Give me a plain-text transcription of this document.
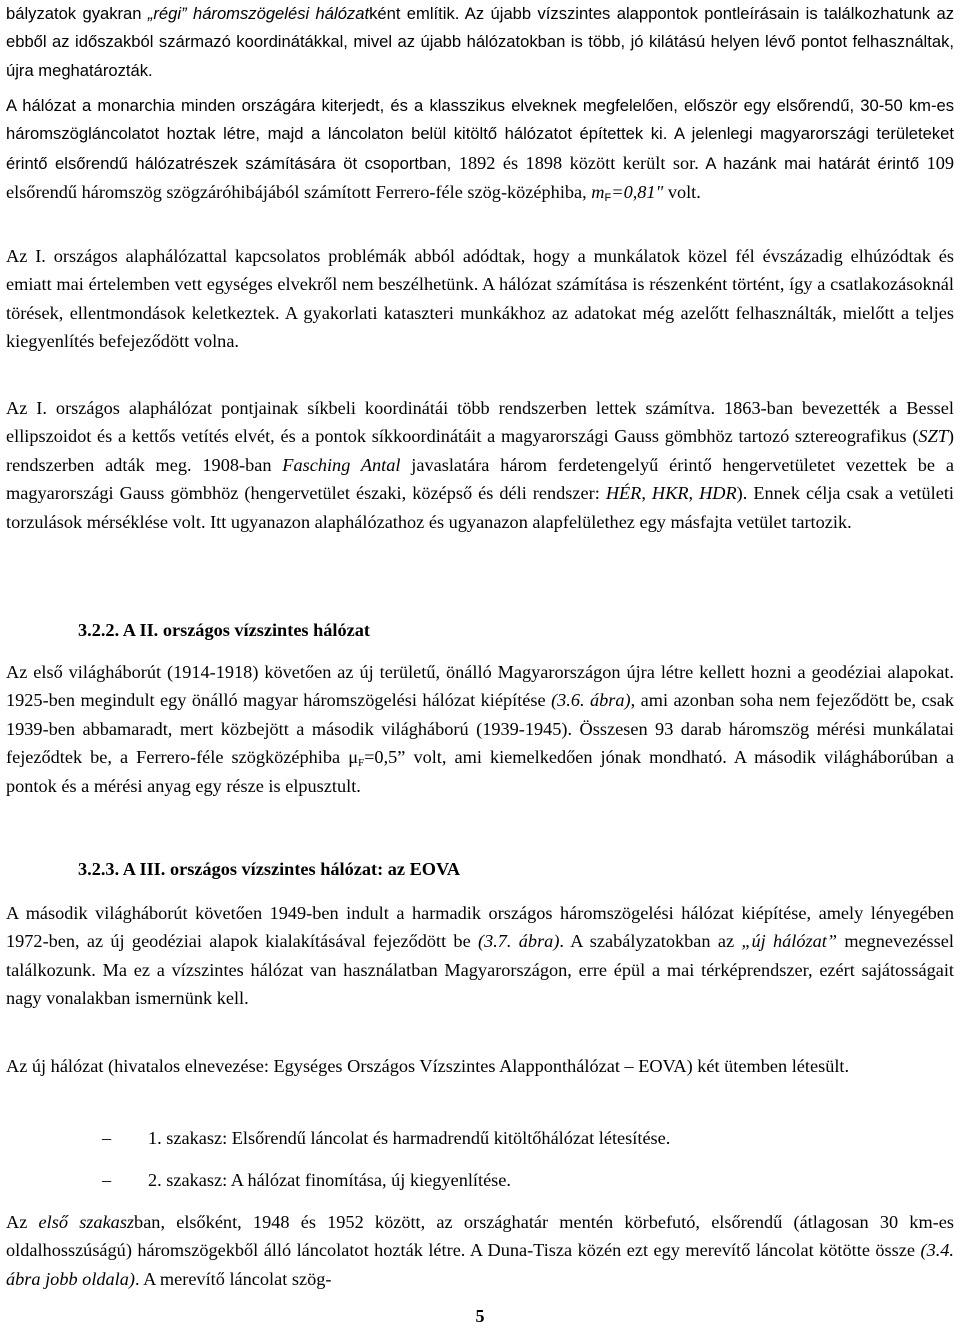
bályzatok gyakran „régi” háromszögelési hálózatként említik. Az újabb vízszintes alappontok pontleírásain is találkozhatunk az ebből az időszakból származó koordinátákkal, mivel az újabb hálózatokban is több, jó kilátású helyen lévő pontot felhasználtak, újra meghatározták.

A hálózat a monarchia minden országára kiterjedt, és a klasszikus elveknek megfelelően, először egy elsőrendű, 30-50 km-es háromszögláncolatot hoztak létre, majd a láncolaton belül kitöltő hálózatot építettek ki. A jelenlegi magyarországi területeket érintő elsőrendű hálózatrészek számítására öt csoportban, 1892 és 1898 között került sor. A hazánk mai határát érintő 109 elsőrendű háromszög szögzáróhibájából számított Ferrero-féle szög-középhiba, $m_F=0,81$" volt.

Az I. országos alaphálózattal kapcsolatos problémák abból adódtak, hogy a munkálatok közel fél évszázadig elhúzódtak és emiatt mai értelemben vett egységes elvekről nem beszélhetünk. A hálózat számítása is részenként történt, így a csatlakozásoknál törések, ellentmondások keletkeztek. A gyakorlati kataszteri munkákhoz az adatokat még azelőtt felhasználták, mielőtt a teljes kiegyenlítés befejeződött volna.

Az I. országos alaphálózat pontjainak síkbeli koordinátái több rendszerben lettek számítva. 1863-ban bevezették a Bessel ellipszoidot és a kettős vetítés elvét, és a pontok síkkoordinátáit a magyarországi Gauss gömbhöz tartozó sztereografikus (SZT) rendszerben adták meg. 1908-ban Fasching Antal javaslatára három ferdetengelyű érintő hengervetületet vezettek be a magyarországi Gauss gömbhöz (hengervetület északi, középső és déli rendszer: HÉR, HKR, HDR). Ennek célja csak a vetületi torzulások mérséklése volt. Itt ugyanazon alaphálózathoz és ugyanazon alapfelülethez egy másfajta vetület tartozik.

3.2.2. A II. országos vízszintes hálózat

Az első világháborút (1914-1918) követően az új területű, önálló Magyarországon újra létre kellett hozni a geodéziai alapokat. 1925-ben megindult egy önálló magyar háromszögelési hálózat kiépítése (3.6. ábra), ami azonban soha nem fejeződött be, csak 1939-ben abbamaradt, mert közbejött a második világháború (1939-1945). Összesen 93 darab háromszög mérési munkálatai fejeződtek be, a Ferrero-féle szögközéphiba $\mu_F=0,5$” volt, ami kiemelkedően jónak mondható. A második világháborúban a pontok és a mérési anyag egy része is elpusztult.

3.2.3. A III. országos vízszintes hálózat: az EOVA

A második világháborút követően 1949-ben indult a harmadik országos háromszögelési hálózat kiépítése, amely lényegében 1972-ben, az új geodéziai alapok kialakításával fejeződött be (3.7. ábra). A szabályzatokban az „új hálózat” megnevezéssel találkozunk. Ma ez a vízszintes hálózat van használatban Magyarországon, erre épül a mai térképrendszer, ezért sajátosságait nagy vonalakban ismernünk kell.

Az új hálózat (hivatalos elnevezése: Egységes Országos Vízszintes Alapponthálózat – EOVA) két ütemben létesült.

– 1. szakasz: Elsőrendű láncolat és harmadrendű kitöltőhálózat létesítése.
– 2. szakasz: A hálózat finomítása, új kiegyenlítése.

Az első szakaszban, elsőként, 1948 és 1952 között, az országhatár mentén körbefutó, elsőrendű (átlagosan 30 km-es oldalhosszúságú) háromszögekből álló láncolatot hozták létre. A Duna-Tisza közén ezt egy merevítő láncolat kötötte össze (3.4. ábra jobb oldala). A merevítő láncolat szög-

5
